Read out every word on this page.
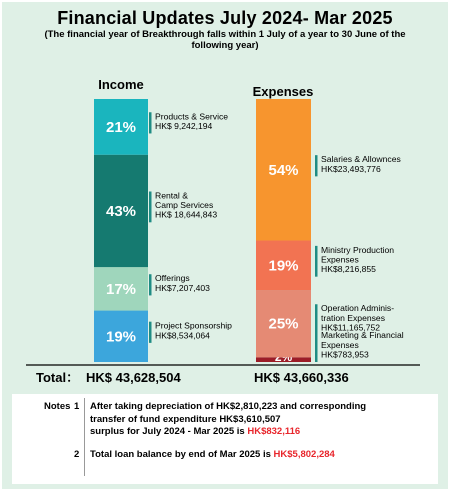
Financial Updates July 2024- Mar 2025
(The financial year of Breakthrough falls within 1 July of a year to 30 June of the following year)
Income	Expenses
19%
Project Sponsorship
HK$8,534,064
17%
Offerings
HK$7,207,403
43%
Rental &
Camp Services
HK$ 18,644,843
21%
Products & Service
HK$ 9,242,194
Marketing & Financial
Expenses
HK$783,953
25%
Operation Adminis-
tration Expenses
HK$11,165,752
19%
Ministry Production
Expenses
HK$8,216,855
54%
Salaries & Allownces
HK$23,493,776
Total： HK$ 43,628,504	HK$ 43,660,336
Notes 1 After taking depreciation of HK$2,810,223 and corresponding
transfer of fund expenditure HK$3,610,507
surplus for July 2024 - Mar 2025 is HK$832,116
2 Total loan balance by end of Mar 2025 is HK$5,802,284
